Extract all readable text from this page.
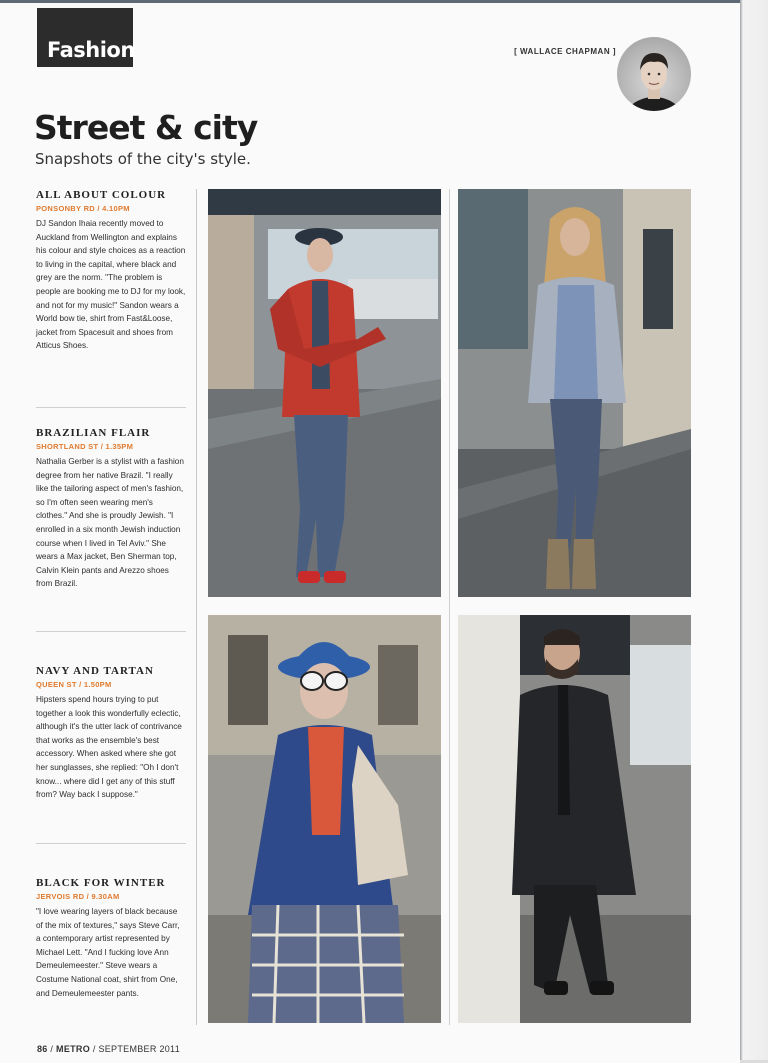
Fashion	[ WALLACE CHAPMAN ]
Street & city

Snapshots of the city's style.

ALL ABOUT COLOUR
PONSONBY RD / 4.10PM

DJ Sandon Ihaia recently moved to Auckland from Wellington and explains his colour and style choices as a reaction to living in the capital, where black and grey are the norm. "The problem is people are booking me to DJ for my look, and not for my music!" Sandon wears a World bow tie, shirt from Fast&Loose, jacket from Spacesuit and shoes from Atticus Shoes.

BRAZILIAN FLAIR
SHORTLAND ST / 1.35PM

Nathalia Gerber is a stylist with a fashion degree from her native Brazil. "I really like the tailoring aspect of men's fashion, so I'm often seen wearing men's clothes." And she is proudly Jewish. "I enrolled in a six month Jewish induction course when I lived in Tel Aviv." She wears a Max jacket, Ben Sherman top, Calvin Klein pants and Arezzo shoes from Brazil.

NAVY AND TARTAN
QUEEN ST / 1.50PM

Hipsters spend hours trying to put together a look this wonderfully eclectic, although it's the utter lack of contrivance that works as the ensemble's best accessory. When asked where she got her sunglasses, she replied: "Oh I don't know... where did I get any of this stuff from? Way back I suppose."

BLACK FOR WINTER
JERVOIS RD / 9.30AM

"I love wearing layers of black because of the mix of textures," says Steve Carr, a contemporary artist represented by Michael Lett. "And I fucking love Ann Demeulemeester." Steve wears a Costume National coat, shirt from One, and Demeulemeester pants.

86 / METRO / SEPTEMBER 2011
